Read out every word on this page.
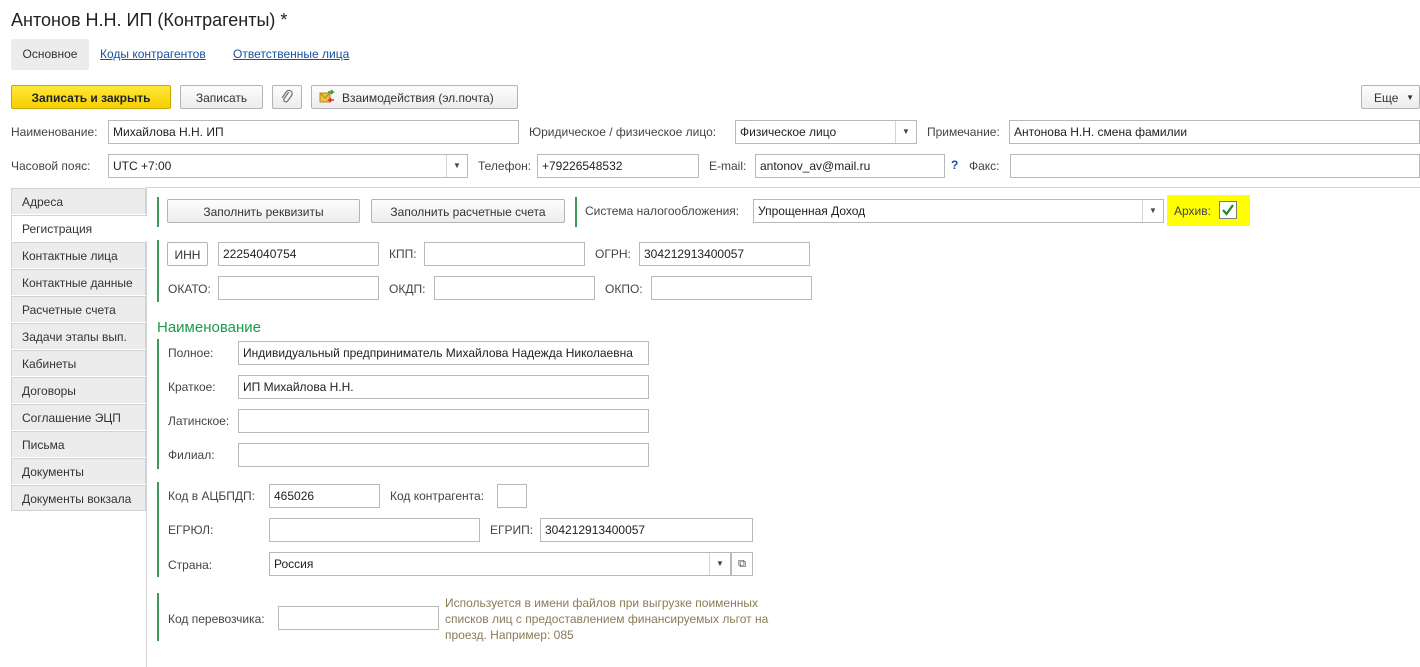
Антонов Н.Н. ИП (Контрагенты) *
Основное	Коды контрагентов Ответственные лица
Записать и закрыть	Записать	Взаимодействия (эл.почта)	Еще ▼
Наименование:	Михайлова Н.Н. ИП	Юридическое / физическое лицо:	Физическое лицо	▼	Примечание:	Антонова Н.Н. смена фамилии
Часовой пояс:	UTC +7:00	▼	Телефон: +79226548532	E-mail:	antonov_av@mail.ru	? Факс:
Адреса
Регистрация
Контактные лица
Контактные данные
Расчетные счета
Задачи этапы вып.
Кабинеты
Договоры
Соглашение ЭЦП
Письма
Документы
Документы вокзала
Заполнить реквизиты	Заполнить расчетные счета	Система налогообложения:	Упрощенная Доход	▼	Архив:
ИНН	22254040754	КПП:	ОГРН:	304212913400057
ОКАТО:	ОКДП:	ОКПО:
Наименование
Полное:	Индивидуальный предприниматель Михайлова Надежда Николаевна
Краткое:	ИП Михайлова Н.Н.
Латинское:
Филиал:
Код в АЦБПДП:	465026	Код контрагента:
ЕГРЮЛ:	ЕГРИП: 304212913400057
Страна:	Россия	▼	⧉
Код перевозчика:
Используется в имени файлов при выгрузке поименных списков лиц с предоставлением финансируемых льгот на проезд. Например: 085
